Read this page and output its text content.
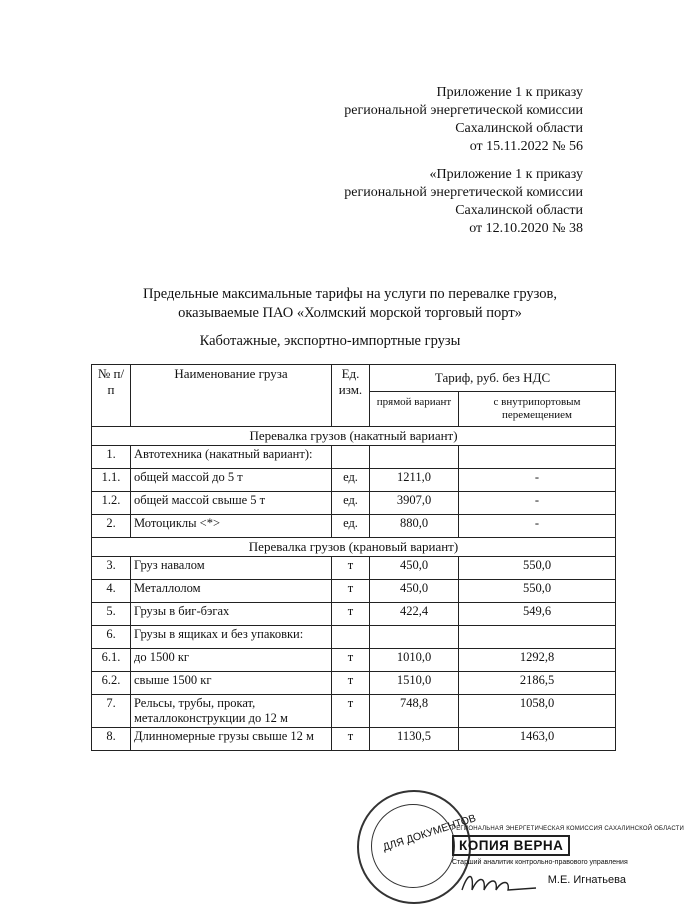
Приложение 1 к приказу
региональной энергетической комиссии
Сахалинской области
от 15.11.2022 № 56
«Приложение 1 к приказу
региональной энергетической комиссии
Сахалинской области
от 12.10.2020 № 38
Предельные максимальные тарифы на услуги по перевалке грузов,
оказываемые ПАО «Холмский морской торговый порт»
Каботажные, экспортно-импортные грузы
№ п/п	Наименование груза	Ед. изм.	Тариф, руб. без НДС	
			прямой вариант	с внутрипортовым перемещением
Перевалка грузов (накатный вариант)				
1.	Автотехника (накатный вариант):			
1.1.	общей массой до 5 т	ед.	1211,0	-
1.2.	общей массой свыше 5 т	ед.	3907,0	-
2.	Мотоциклы <*>	ед.	880,0	-
Перевалка грузов (крановый вариант)				
3.	Груз навалом	т	450,0	550,0
4.	Металлолом	т	450,0	550,0
5.	Грузы в биг-бэгах	т	422,4	549,6
6.	Грузы в ящиках и без упаковки:			
6.1.	до 1500 кг	т	1010,0	1292,8
6.2.	свыше 1500 кг	т	1510,0	2186,5
7.	Рельсы, трубы, прокат, металлоконструкции до 12 м	т	748,8	1058,0
8.	Длинномерные грузы свыше 12 м	т	1130,5	1463,0
ДЛЯ ДОКУМЕНТОВ
РЕГИОНАЛЬНАЯ ЭНЕРГЕТИЧЕСКАЯ КОМИССИЯ САХАЛИНСКОЙ ОБЛАСТИ
КОПИЯ ВЕРНА
Старший аналитик контрольно-правового управления
М.Е. Игнатьева
